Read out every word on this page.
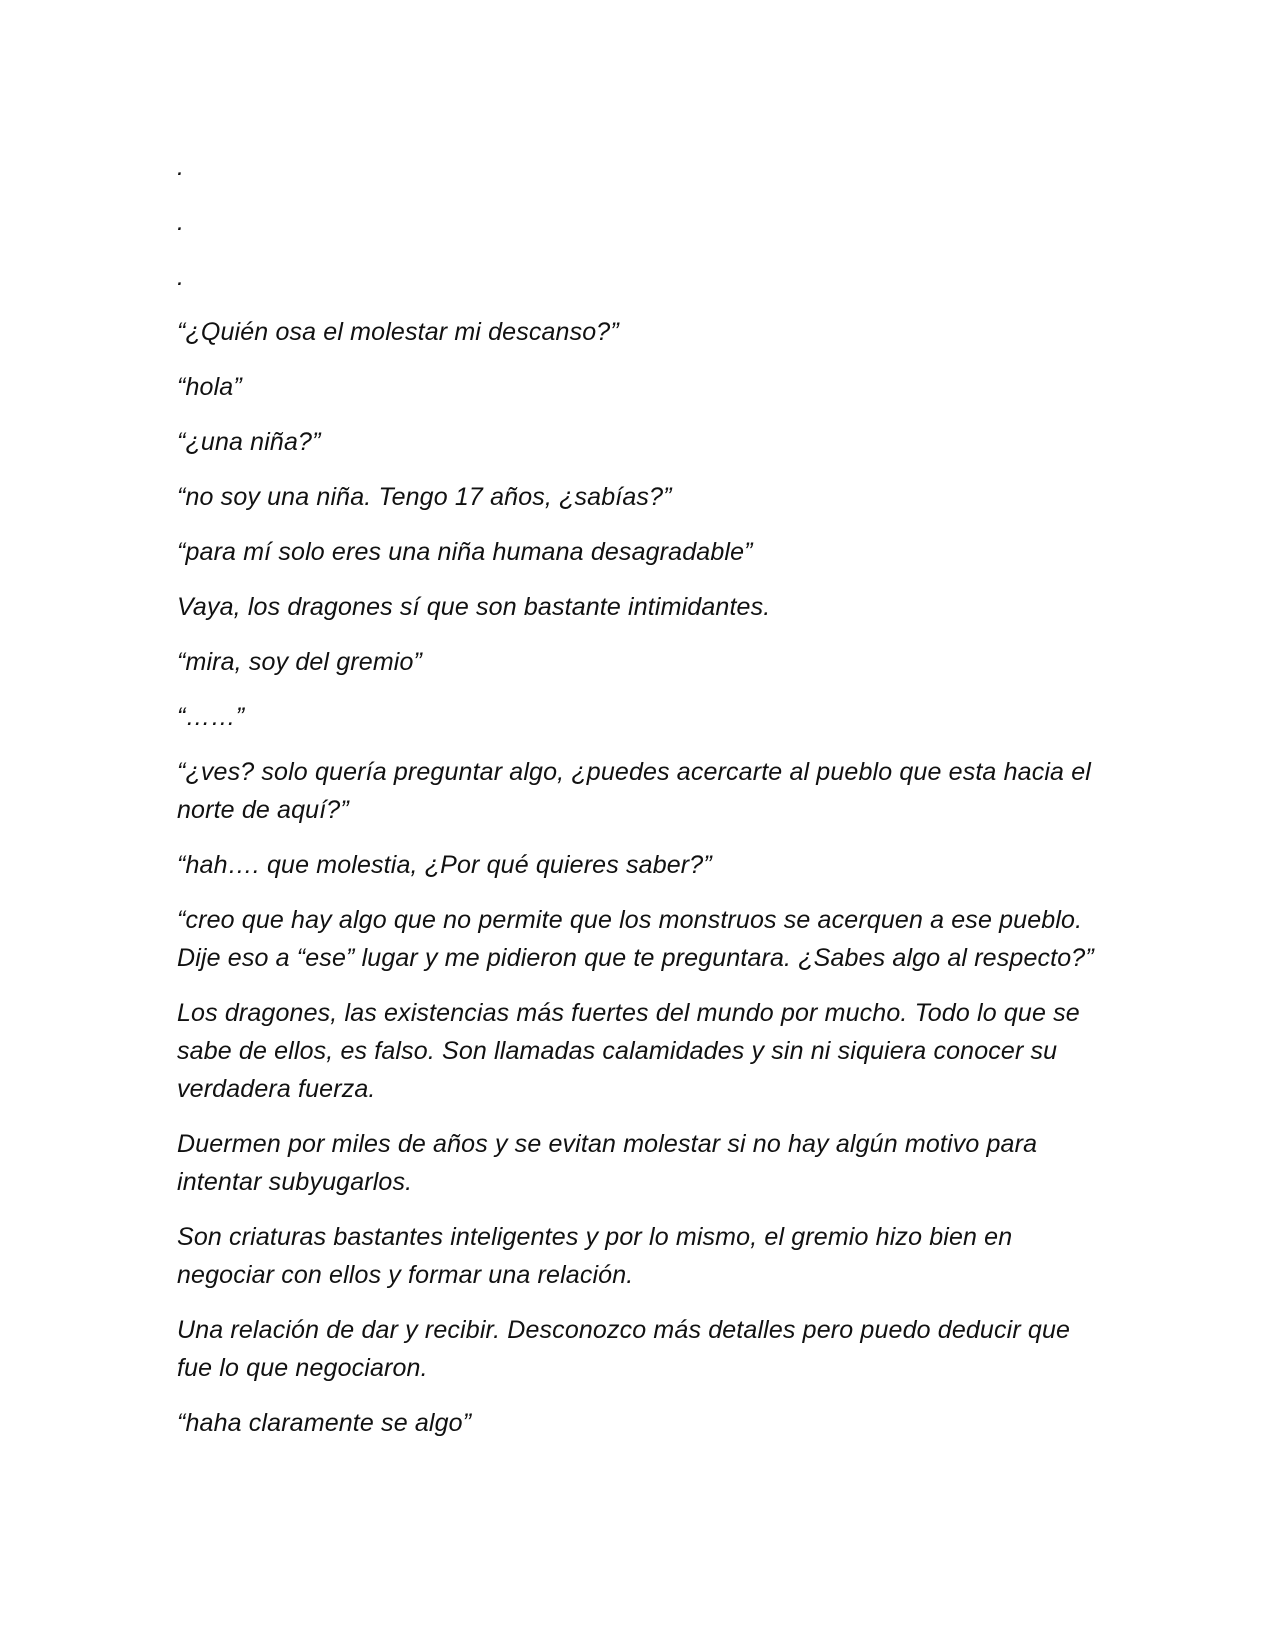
.

.

.

“¿Quién osa el molestar mi descanso?”

“hola”

“¿una niña?”

“no soy una niña. Tengo 17 años, ¿sabías?”

“para mí solo eres una niña humana desagradable”

Vaya, los dragones sí que son bastante intimidantes.

“mira, soy del gremio”

“……”

“¿ves? solo quería preguntar algo, ¿puedes acercarte al pueblo que esta hacia el norte de aquí?”

“hah…. que molestia, ¿Por qué quieres saber?”

“creo que hay algo que no permite que los monstruos se acerquen a ese pueblo. Dije eso a “ese” lugar y me pidieron que te preguntara. ¿Sabes algo al respecto?”

Los dragones, las existencias más fuertes del mundo por mucho. Todo lo que se sabe de ellos, es falso. Son llamadas calamidades y sin ni siquiera conocer su verdadera fuerza.

Duermen por miles de años y se evitan molestar si no hay algún motivo para intentar subyugarlos.

Son criaturas bastantes inteligentes y por lo mismo, el gremio hizo bien en negociar con ellos y formar una relación.

Una relación de dar y recibir. Desconozco más detalles pero puedo deducir que fue lo que negociaron.

“haha claramente se algo”
